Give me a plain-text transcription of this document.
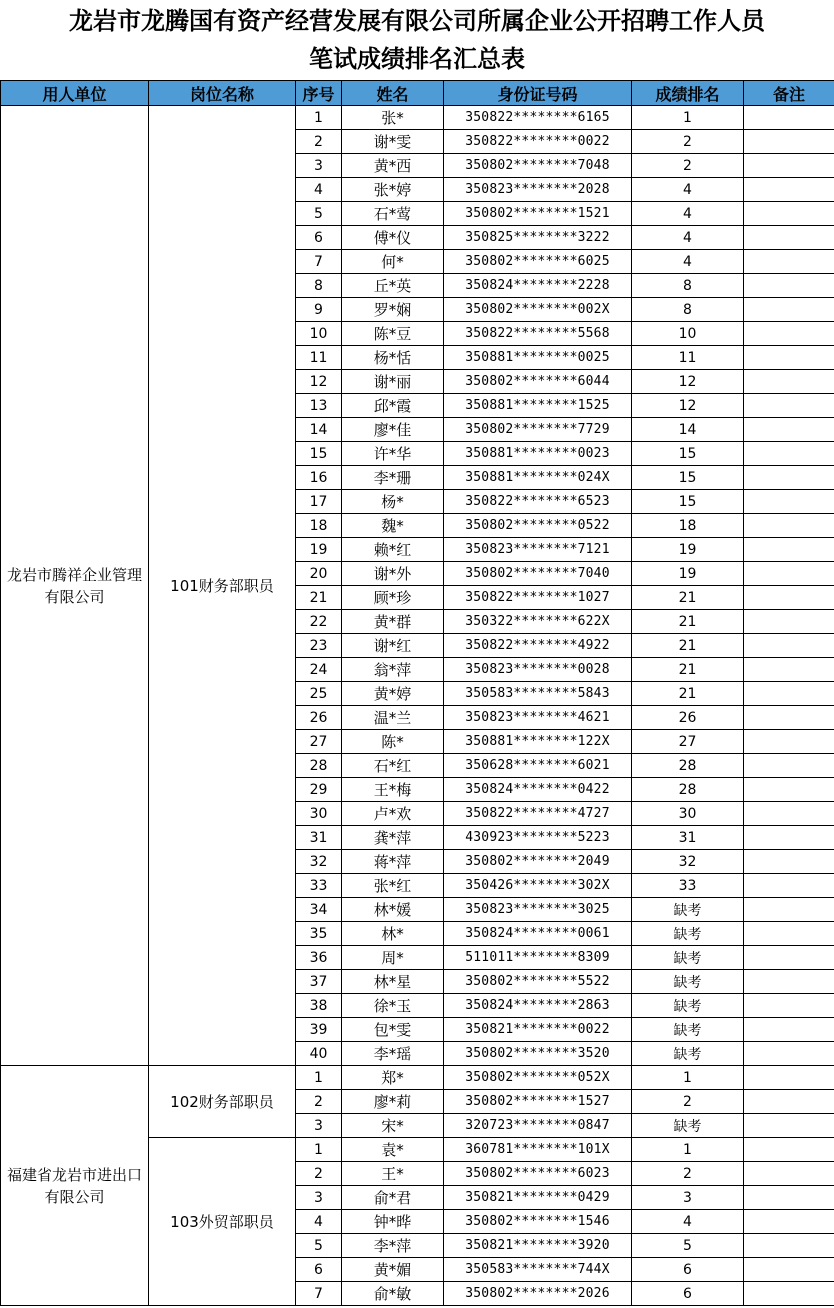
龙岩市龙腾国有资产经营发展有限公司所属企业公开招聘工作人员
笔试成绩排名汇总表
用人单位	岗位名称	序号	姓名	身份证号码	成绩排名	备注
龙岩市腾祥企业管理有限公司	101财务部职员	1	张*	350822********6165	1	
		2	谢*雯	350822********0022	2	
		3	黄*西	350802********7048	2	
		4	张*婷	350823********2028	4	
		5	石*莺	350802********1521	4	
		6	傅*仪	350825********3222	4	
		7	何*	350802********6025	4	
		8	丘*英	350824********2228	8	
		9	罗*娴	350802********002X	8	
		10	陈*豆	350822********5568	10	
		11	杨*恬	350881********0025	11	
		12	谢*丽	350802********6044	12	
		13	邱*霞	350881********1525	12	
		14	廖*佳	350802********7729	14	
		15	许*华	350881********0023	15	
		16	李*珊	350881********024X	15	
		17	杨*	350822********6523	15	
		18	魏*	350802********0522	18	
		19	赖*红	350823********7121	19	
		20	谢*外	350802********7040	19	
		21	顾*珍	350822********1027	21	
		22	黄*群	350322********622X	21	
		23	谢*红	350822********4922	21	
		24	翁*萍	350823********0028	21	
		25	黄*婷	350583********5843	21	
		26	温*兰	350823********4621	26	
		27	陈*	350881********122X	27	
		28	石*红	350628********6021	28	
		29	王*梅	350824********0422	28	
		30	卢*欢	350822********4727	30	
		31	龚*萍	430923********5223	31	
		32	蒋*萍	350802********2049	32	
		33	张*红	350426********302X	33	
		34	林*媛	350823********3025	缺考	
		35	林*	350824********0061	缺考	
		36	周*	511011********8309	缺考	
		37	林*星	350802********5522	缺考	
		38	徐*玉	350824********2863	缺考	
		39	包*雯	350821********0022	缺考	
		40	李*瑶	350802********3520	缺考	
福建省龙岩市进出口有限公司	102财务部职员	1	郑*	350802********052X	1	
		2	廖*莉	350802********1527	2	
		3	宋*	320723********0847	缺考	
	103外贸部职员	1	袁*	360781********101X	1	
		2	王*	350802********6023	2	
		3	俞*君	350821********0429	3	
		4	钟*晔	350802********1546	4	
		5	李*萍	350821********3920	5	
		6	黄*媚	350583********744X	6	
		7	俞*敏	350802********2026	6	
